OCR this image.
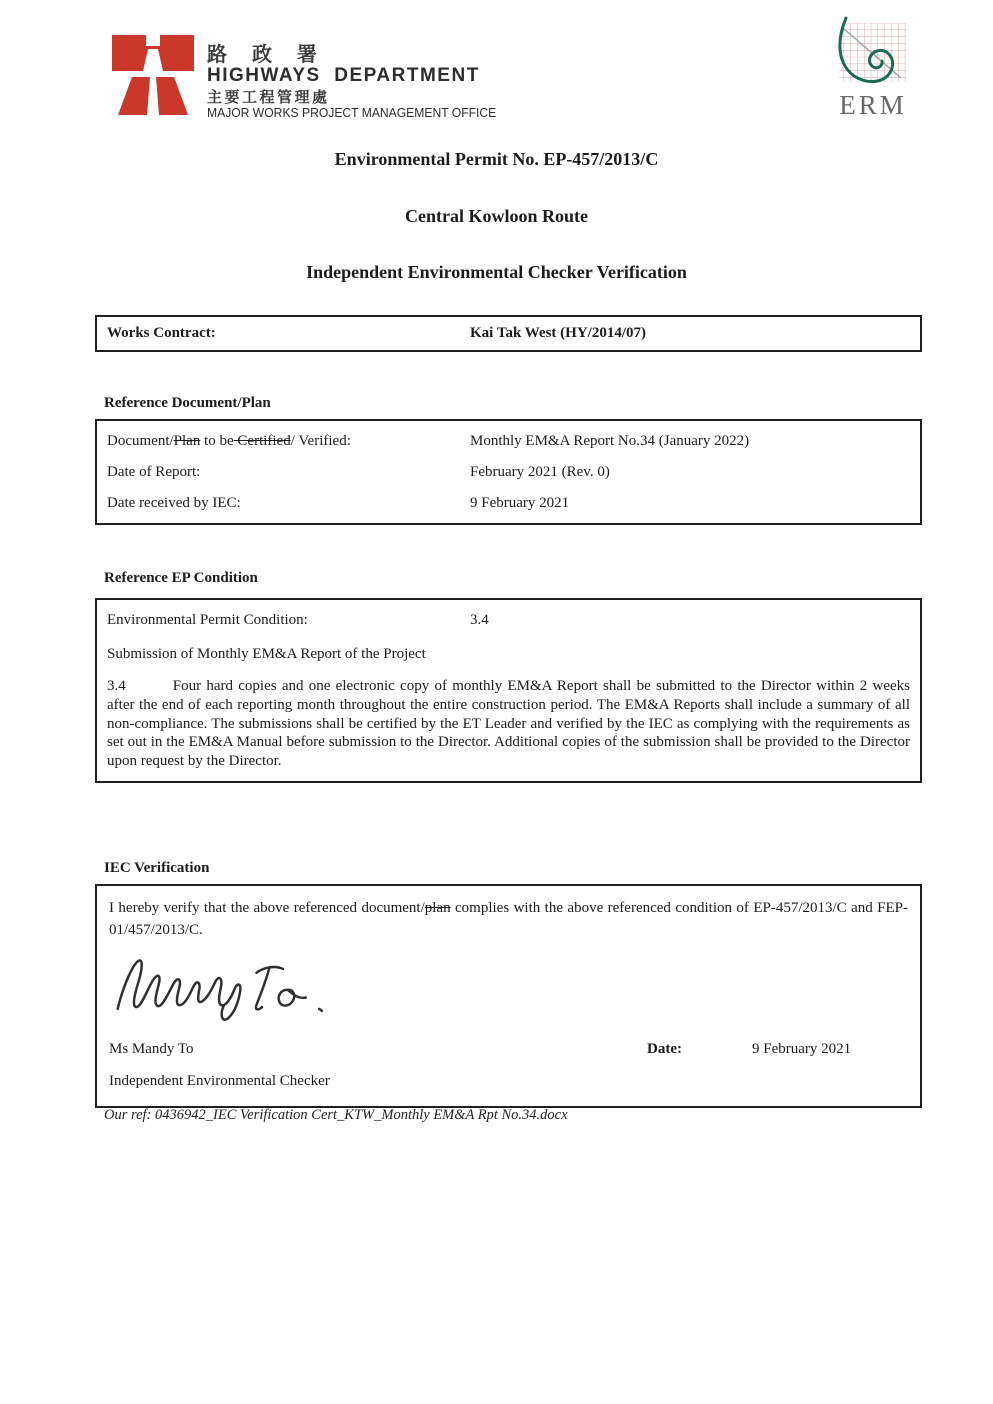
路 政 署
HIGHWAYS  DEPARTMENT
主要工程管理處
MAJOR WORKS PROJECT MANAGEMENT OFFICE	ERM
Environmental Permit No. EP-457/2013/C
Central Kowloon Route
Independent Environmental Checker Verification
Works Contract:	Kai Tak West (HY/2014/07)
Reference Document/Plan
Document/Plan to be Certified/ Verified:	Monthly EM&A Report No.34 (January 2022)
Date of Report:	February 2021 (Rev. 0)
Date received by IEC:	9 February 2021
Reference EP Condition
Environmental Permit Condition:	3.4
Submission of Monthly EM&A Report of the Project
3.4	Four hard copies and one electronic copy of monthly EM&A Report shall be submitted to the Director within 2 weeks after the end of each reporting month throughout the entire construction period. The EM&A Reports shall include a summary of all non-compliance. The submissions shall be certified by the ET Leader and verified by the IEC as complying with the requirements as set out in the EM&A Manual before submission to the Director. Additional copies of the submission shall be provided to the Director upon request by the Director.
IEC Verification
I hereby verify that the above referenced document/plan complies with the above referenced condition of EP-457/2013/C and FEP-01/457/2013/C.
Ms Mandy To	Date:	9 February 2021
Independent Environmental Checker
Our ref: 0436942_IEC Verification Cert_KTW_Monthly EM&A Rpt No.34.docx
